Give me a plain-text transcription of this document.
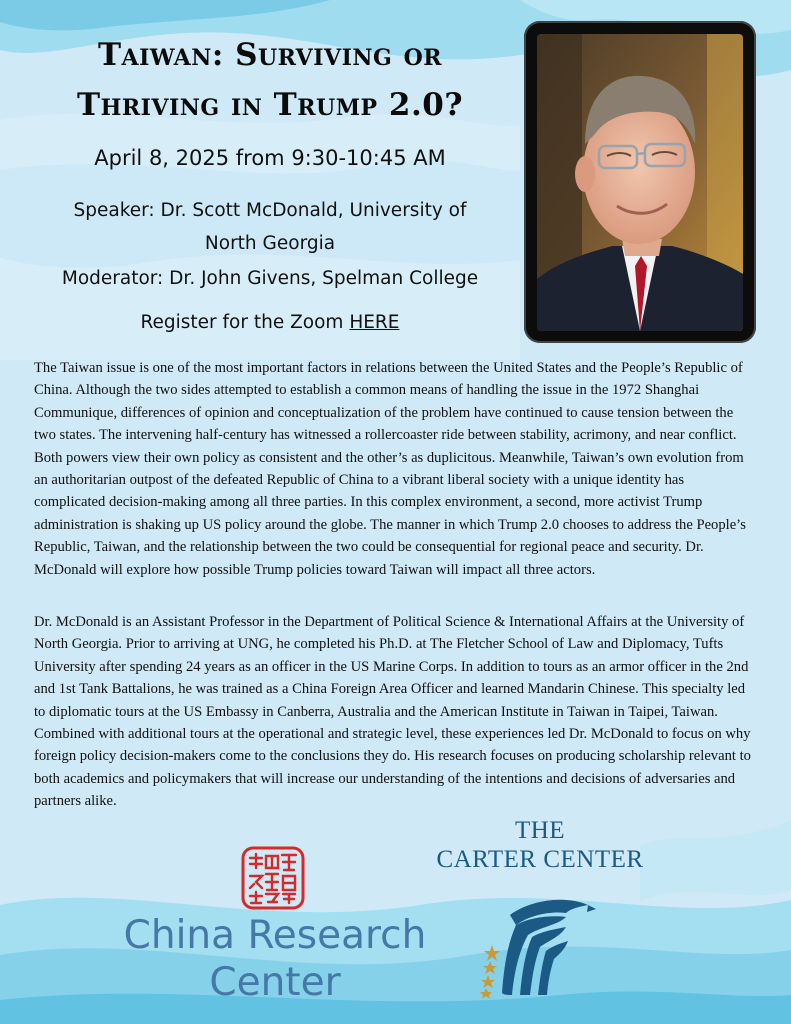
Taiwan: Surviving or
Thriving in Trump 2.0?
April 8, 2025 from 9:30-10:45 AM
Speaker: Dr. Scott McDonald, University of
North Georgia
Moderator: Dr. John Givens, Spelman College
Register for the Zoom HERE

The Taiwan issue is one of the most important factors in relations between the United States and the People’s Republic of China. Although the two sides attempted to establish a common means of handling the issue in the 1972 Shanghai Communique, differences of opinion and conceptualization of the problem have continued to cause tension between the two states. The intervening half-century has witnessed a rollercoaster ride between stability, acrimony, and near conflict. Both powers view their own policy as consistent and the other’s as duplicitous. Meanwhile, Taiwan’s own evolution from an authoritarian outpost of the defeated Republic of China to a vibrant liberal society with a unique identity has complicated decision-making among all three parties. In this complex environment, a second, more activist Trump administration is shaking up US policy around the globe. The manner in which Trump 2.0 chooses to address the People’s Republic, Taiwan, and the relationship between the two could be consequential for regional peace and security. Dr. McDonald will explore how possible Trump policies toward Taiwan will impact all three actors.

Dr. McDonald is an Assistant Professor in the Department of Political Science & International Affairs at the University of North Georgia. Prior to arriving at UNG, he completed his Ph.D. at The Fletcher School of Law and Diplomacy, Tufts University after spending 24 years as an officer in the US Marine Corps. In addition to tours as an armor officer in the 2nd and 1st Tank Battalions, he was trained as a China Foreign Area Officer and learned Mandarin Chinese. This specialty led to diplomatic tours at the US Embassy in Canberra, Australia and the American Institute in Taiwan in Taipei, Taiwan. Combined with additional tours at the operational and strategic level, these experiences led Dr. McDonald to focus on why foreign policy decision-makers come to the conclusions they do. His research focuses on producing scholarship relevant to both academics and policymakers that will increase our understanding of the intentions and decisions of adversaries and partners alike.

THE
CARTER CENTER
China Research
Center
